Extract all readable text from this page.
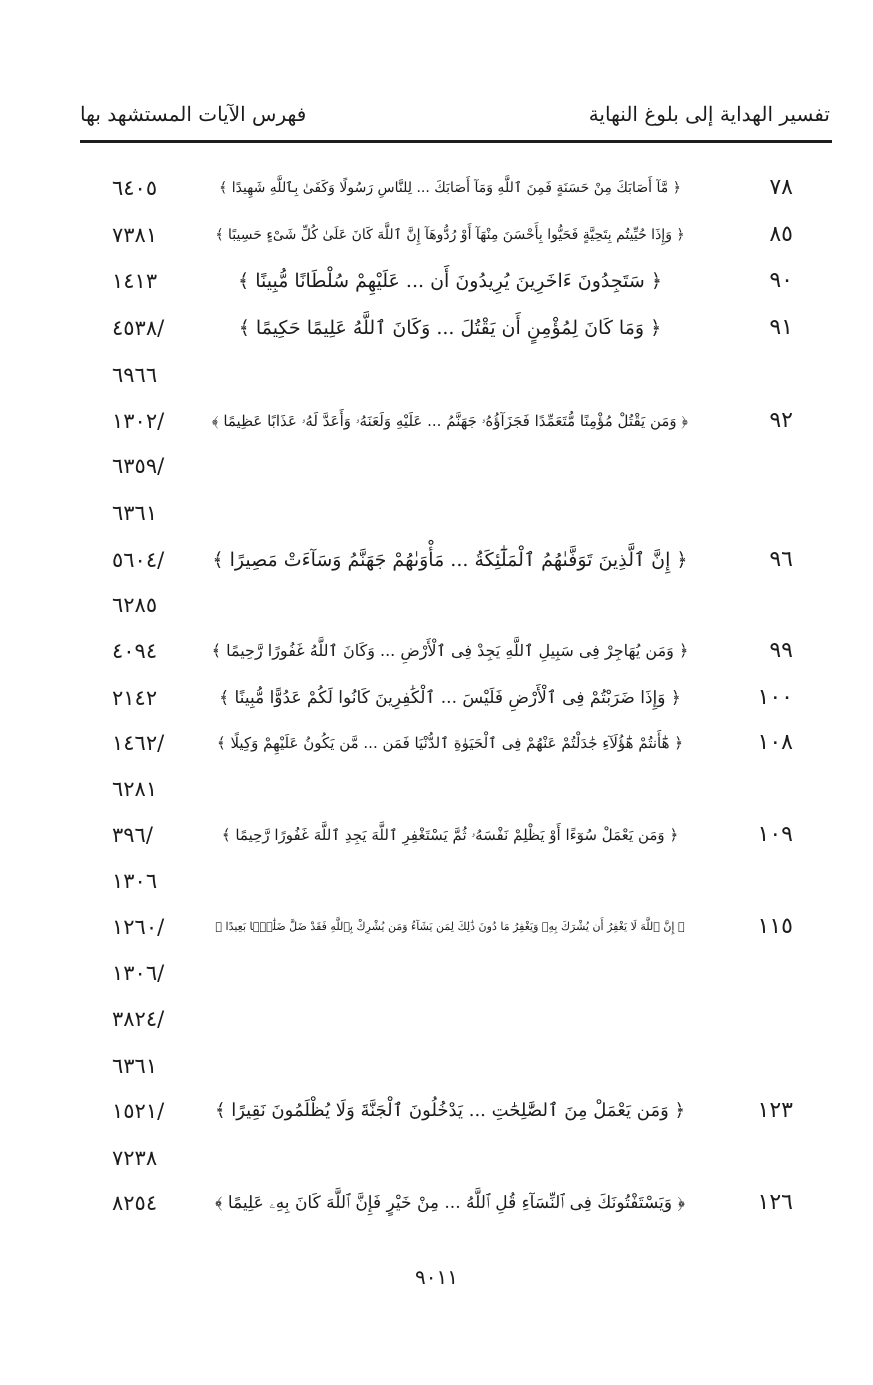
تفسير الهداية إلى بلوغ النهاية
فهرس الآيات المستشهد بها
٧٨
﴿ مَّآ أَصَابَكَ مِنْ حَسَنَةٍ فَمِنَ ٱللَّهِ وَمَآ أَصَابَكَ ... لِلنَّاسِ رَسُولًا وَكَفَىٰ بِٱللَّهِ شَهِيدًا ﴾
٦٤٠٥
٨٥
﴿ وَإِذَا حُيِّيتُم بِتَحِيَّةٍ فَحَيُّوا بِأَحْسَنَ مِنْهَآ أَوْ رُدُّوهَآ إِنَّ ٱللَّهَ كَانَ عَلَىٰ كُلِّ شَىْءٍ حَسِيبًا ﴾
٧٣٨١
٩٠
﴿ سَتَجِدُونَ ءَاخَرِينَ يُرِيدُونَ أَن ... عَلَيْهِمْ سُلْطَانًا مُّبِينًا ﴾
١٤١٣
٩١
﴿ وَمَا كَانَ لِمُؤْمِنٍ أَن يَقْتُلَ ... وَكَانَ ٱللَّهُ عَلِيمًا حَكِيمًا ﴾
/٤٥٣٨
٦٩٦٦
٩٢
﴿ وَمَن يَقْتُلْ مُؤْمِنًا مُّتَعَمِّدًا فَجَزَآؤُهُۥ جَهَنَّمُ ... عَلَيْهِ وَلَعَنَهُۥ وَأَعَدَّ لَهُۥ عَذَابًا عَظِيمًا ﴾
/١٣٠٢
/٦٣٥٩
٦٣٦١
٩٦
﴿ إِنَّ ٱلَّذِينَ تَوَفَّىٰهُمُ ٱلْمَلَٰٓئِكَةُ ... مَأْوَىٰهُمْ جَهَنَّمُ وَسَآءَتْ مَصِيرًا ﴾
/٥٦٠٤
٦٢٨٥
٩٩
﴿ وَمَن يُهَاجِرْ فِى سَبِيلِ ٱللَّهِ يَجِدْ فِى ٱلْأَرْضِ ... وَكَانَ ٱللَّهُ غَفُورًا رَّحِيمًا ﴾
٤٠٩٤
١٠٠
﴿ وَإِذَا ضَرَبْتُمْ فِى ٱلْأَرْضِ فَلَيْسَ ... ٱلْكَٰفِرِينَ كَانُوا لَكُمْ عَدُوًّا مُّبِينًا ﴾
٢١٤٢
١٠٨
﴿ هَٰٓأَنتُمْ هَٰٓؤُلَآءِ جَٰدَلْتُمْ عَنْهُمْ فِى ٱلْحَيَوٰةِ ٱلدُّنْيَا فَمَن ... مَّن يَكُونُ عَلَيْهِمْ وَكِيلًا ﴾
/١٤٦٢
٦٢٨١
١٠٩
﴿ وَمَن يَعْمَلْ سُوٓءًا أَوْ يَظْلِمْ نَفْسَهُۥ ثُمَّ يَسْتَغْفِرِ ٱللَّهَ يَجِدِ ٱللَّهَ غَفُورًا رَّحِيمًا ﴾
/٣٩٦
١٣٠٦
١١٥
﴿ إِنَّ ٱللَّهَ لَا يَغْفِرُ أَن يُشْرَكَ بِهِۦ وَيَغْفِرُ مَا دُونَ ذَٰلِكَ لِمَن يَشَآءُ وَمَن يُشْرِكْ بِٱللَّهِ فَقَدْ ضَلَّ ضَلَٰلًۢا بَعِيدًا ﴾
/١٢٦٠
/١٣٠٦
/٣٨٢٤
٦٣٦١
١٢٣
﴿ وَمَن يَعْمَلْ مِنَ ٱلصَّٰلِحَٰتِ ... يَدْخُلُونَ ٱلْجَنَّةَ وَلَا يُظْلَمُونَ نَقِيرًا ﴾
/١٥٢١
٧٢٣٨
١٢٦
﴿ وَيَسْتَفْتُونَكَ فِى ٱلنِّسَآءِ قُلِ ٱللَّهُ ... مِنْ خَيْرٍ فَإِنَّ ٱللَّهَ كَانَ بِهِۦ عَلِيمًا ﴾
٨٢٥٤
٩٠١١
